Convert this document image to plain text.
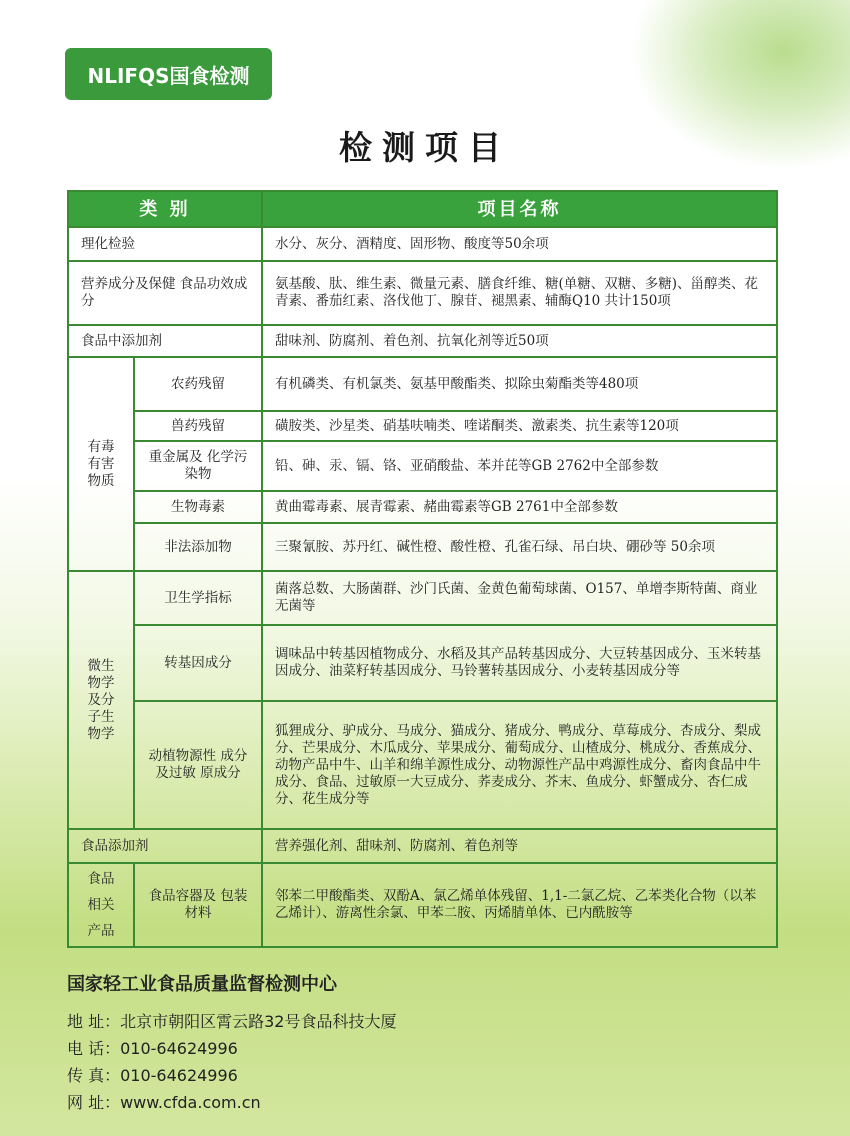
NLIFQS国食检测
检测项目
类 别		项目名称
理化检验		水分、灰分、酒精度、固形物、酸度等50余项
营养成分及保健 食品功效成分		氨基酸、肽、维生素、微量元素、膳食纤维、糖(单糖、双糖、多糖)、甾醇类、花青素、番茄红素、洛伐他丁、腺苷、褪黑素、辅酶Q10 共计150项
食品中添加剂		甜味剂、防腐剂、着色剂、抗氧化剂等近50项
有毒 有害 物质	农药残留	有机磷类、有机氯类、氨基甲酸酯类、拟除虫菊酯类等480项
	兽药残留	磺胺类、沙星类、硝基呋喃类、喹诺酮类、激素类、抗生素等120项
	重金属及 化学污染物	铅、砷、汞、镉、铬、亚硝酸盐、苯并芘等GB 2762中全部参数
	生物毒素	黄曲霉毒素、展青霉素、赭曲霉素等GB 2761中全部参数
	非法添加物	三聚氰胺、苏丹红、碱性橙、酸性橙、孔雀石绿、吊白块、硼砂等 50余项
微生 物学 及分 子生 物学	卫生学指标	菌落总数、大肠菌群、沙门氏菌、金黄色葡萄球菌、O157、单增李斯特菌、商业无菌等
	转基因成分	调味品中转基因植物成分、水稻及其产品转基因成分、大豆转基因成分、玉米转基因成分、油菜籽转基因成分、马铃薯转基因成分、小麦转基因成分等
	动植物源性 成分及过敏 原成分	狐狸成分、驴成分、马成分、猫成分、猪成分、鸭成分、草莓成分、杏成分、梨成分、芒果成分、木瓜成分、苹果成分、葡萄成分、山楂成分、桃成分、香蕉成分、动物产品中牛、山羊和绵羊源性成分、动物源性产品中鸡源性成分、畜肉食品中牛成分、食品、过敏原一大豆成分、荞麦成分、芥末、鱼成分、虾蟹成分、杏仁成分、花生成分等
食品添加剂		营养强化剂、甜味剂、防腐剂、着色剂等
食品 相关 产品	食品容器及 包装材料	邻苯二甲酸酯类、双酚A、氯乙烯单体残留、1,1-二氯乙烷、乙苯类化合物（以苯乙烯计）、游离性余氯、甲苯二胺、丙烯腈单体、已内酰胺等
国家轻工业食品质量监督检测中心
地 址：北京市朝阳区霄云路32号食品科技大厦
电 话：010-64624996
传 真：010-64624996
网 址：www.cfda.com.cn
